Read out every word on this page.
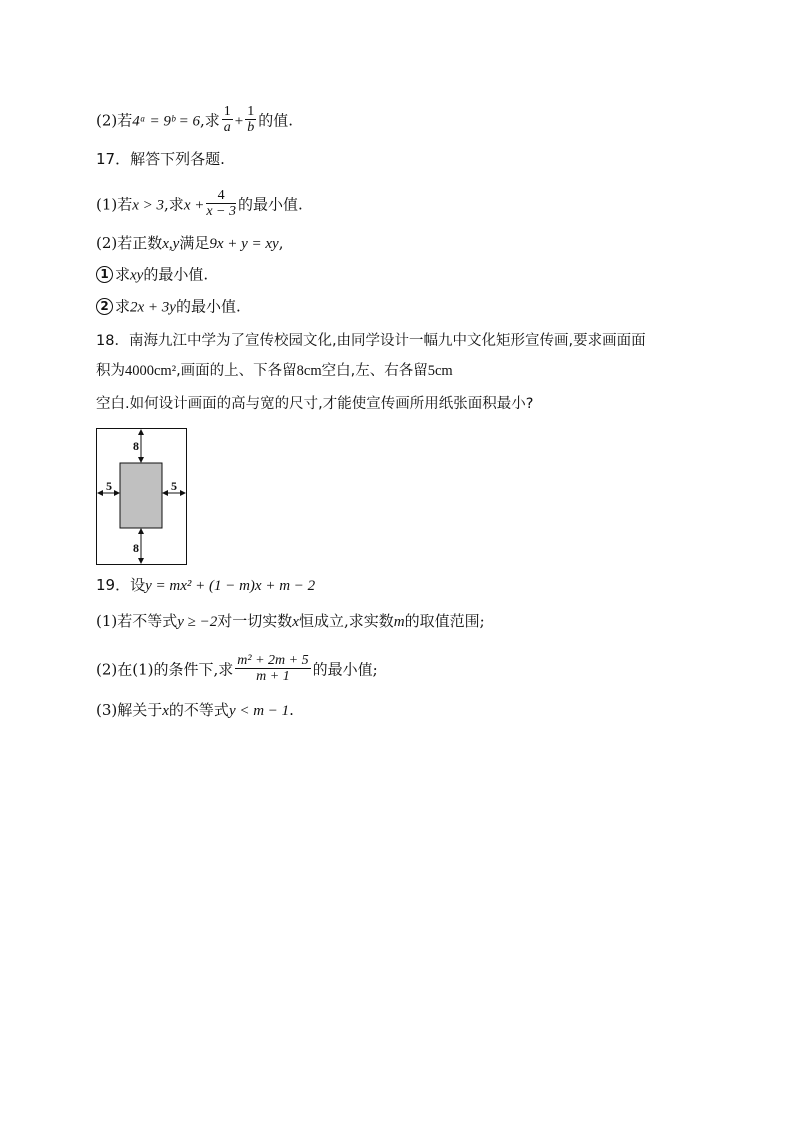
(2)若4ᵃ = 9ᵇ = 6,求 $\frac{1}{a} + \frac{1}{b}$ 的值.
17．解答下列各题.
(1)若x > 3,求$x + \frac{4}{x - 3}$ 的最小值.
(2)若正数x,y满足9x + y = xy,
1 求xy的最小值.
2 求2x + 3y的最小值.
18．南海九江中学为了宣传校园文化,由同学设计一幅九中文化矩形宣传画,要求画面面
积为4000cm²,画面的上、下各留8cm空白,左、右各留5cm
空白.如何设计画面的高与宽的尺寸,才能使宣传画所用纸张面积最小?
8
8
5	5
19．设y = mx² + (1 − m)x + m − 2
(1)若不等式y ≥ −2对一切实数x恒成立,求实数m的取值范围;
(2)在(1)的条件下,求 $\frac{\text{m² + 2m + 5}}{m + 1}$ 的最小值;
(3)解关于x的不等式y < m − 1.
